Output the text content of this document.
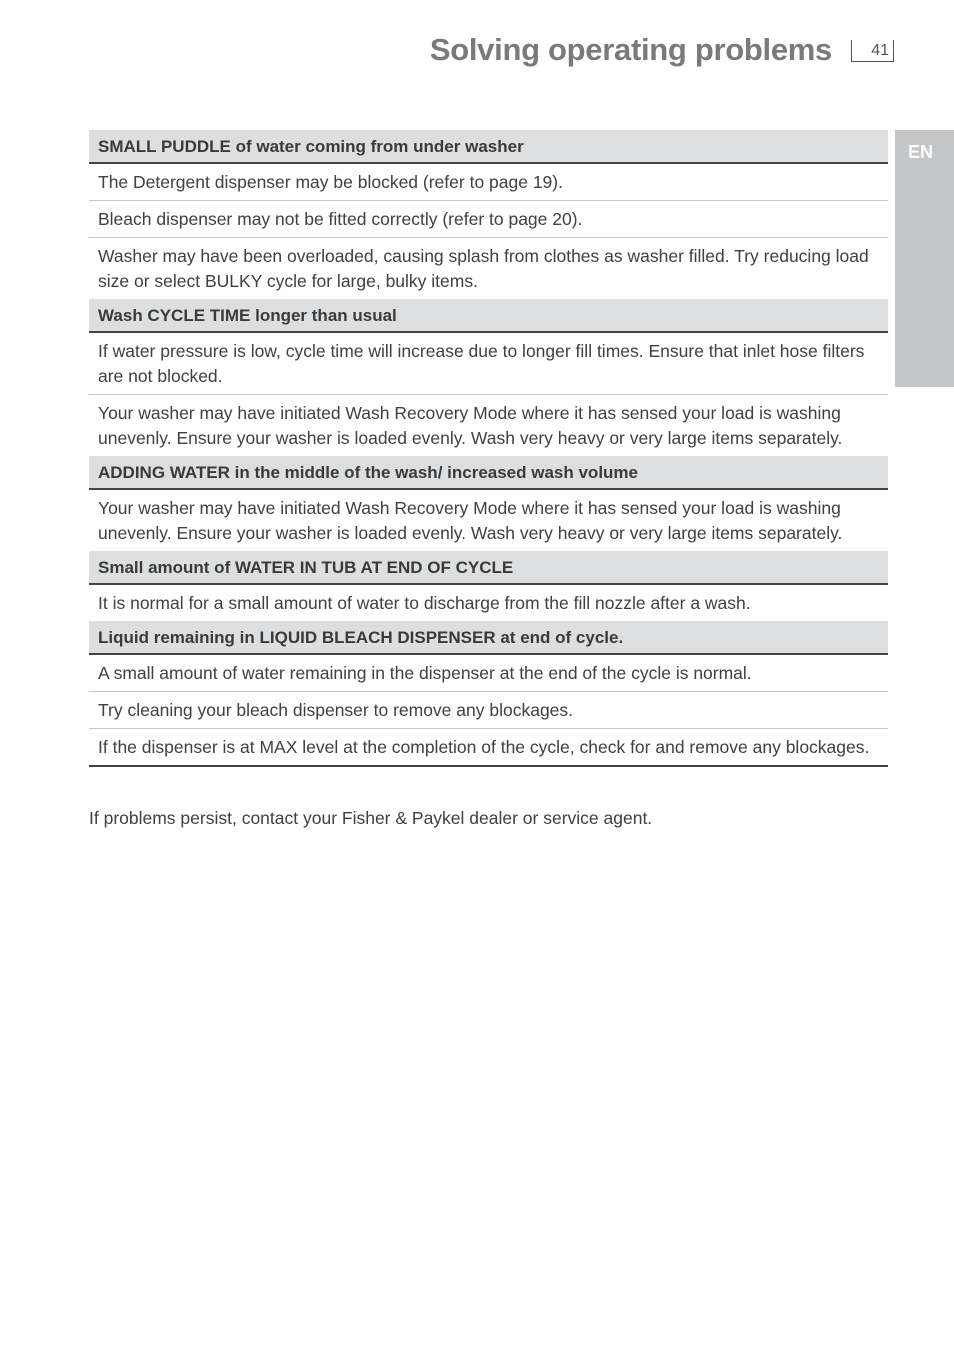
Solving operating problems	41
EN
SMALL PUDDLE of water coming from under washer
The Detergent dispenser may be blocked (refer to page 19).
Bleach dispenser may not be fitted correctly (refer to page 20).
Washer may have been overloaded, causing splash from clothes as washer filled. Try reducing load size or select BULKY cycle for large, bulky items.
Wash CYCLE TIME longer than usual
If water pressure is low, cycle time will increase due to longer fill times. Ensure that inlet hose filters are not blocked.
Your washer may have initiated Wash Recovery Mode where it has sensed your load is washing unevenly. Ensure your washer is loaded evenly. Wash very heavy or very large items separately.
ADDING WATER in the middle of the wash/ increased wash volume
Your washer may have initiated Wash Recovery Mode where it has sensed your load is washing unevenly. Ensure your washer is loaded evenly. Wash very heavy or very large items separately.
Small amount of WATER IN TUB AT END OF CYCLE
It is normal for a small amount of water to discharge from the fill nozzle after a wash.
Liquid remaining in LIQUID BLEACH DISPENSER at end of cycle.
A small amount of water remaining in the dispenser at the end of the cycle is normal.
Try cleaning your bleach dispenser to remove any blockages.
If the dispenser is at MAX level at the completion of the cycle, check for and remove any blockages.
If problems persist, contact your Fisher & Paykel dealer or service agent.
